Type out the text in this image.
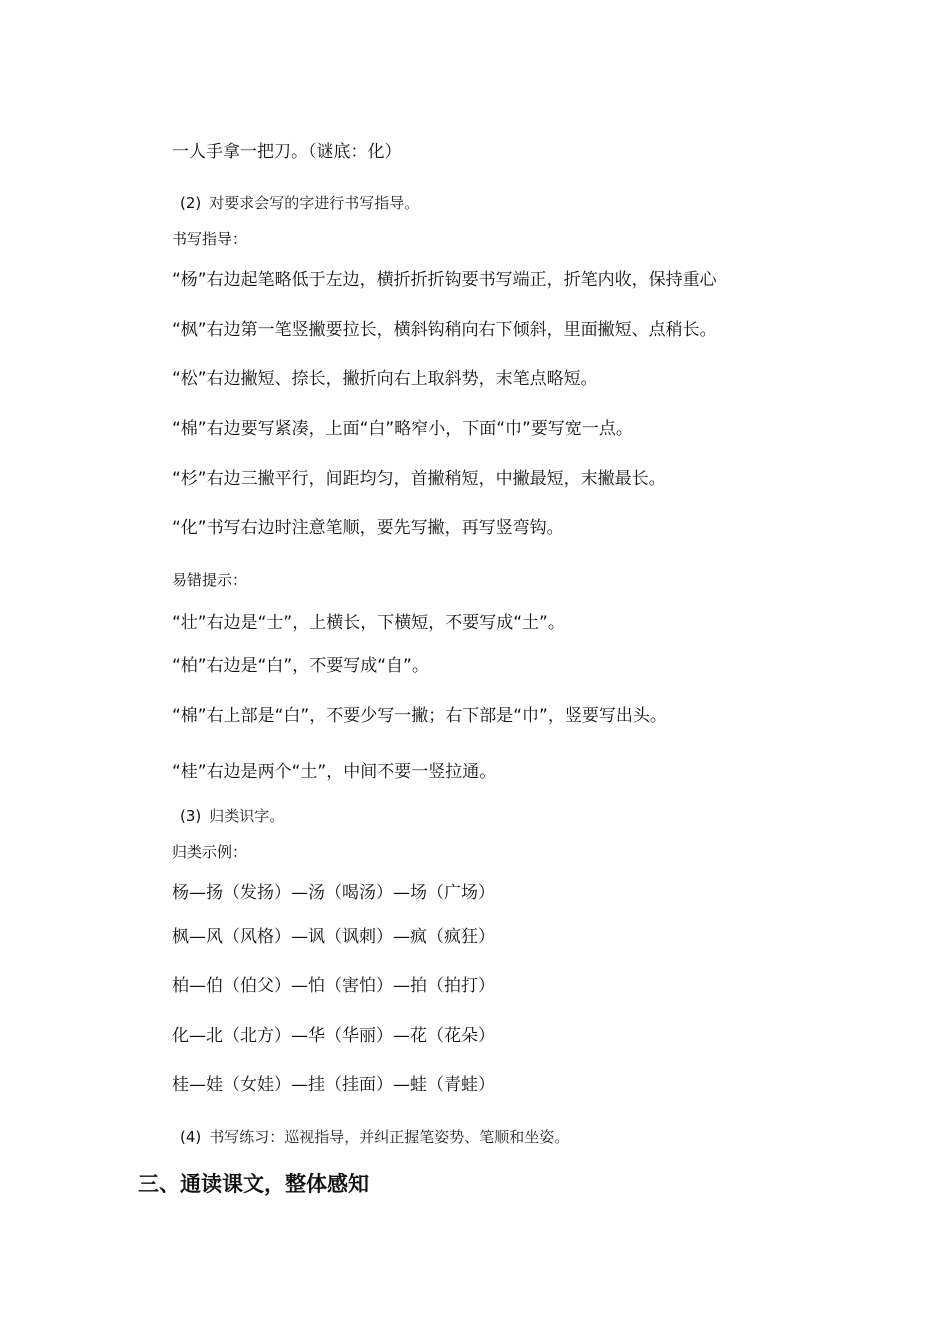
一人手拿一把刀。（谜底：化）
(2) 对要求会写的字进行书写指导。
书写指导：
“杨”右边起笔略低于左边，横折折折钩要书写端正，折笔内收，保持重心
“枫”右边第一笔竖撇要拉长，横斜钩稍向右下倾斜，里面撇短、点稍长。
“松”右边撇短、捺长，撇折向右上取斜势，末笔点略短。
“棉”右边要写紧凑，上面“白”略窄小，下面“巾”要写宽一点。
“杉”右边三撇平行，间距均匀，首撇稍短，中撇最短，末撇最长。
“化”书写右边时注意笔顺，要先写撇，再写竖弯钩。
易错提示：
“壮”右边是“士”，上横长，下横短，不要写成“土”。
“柏”右边是“白”，不要写成“自”。
“棉”右上部是“白”，不要少写一撇；右下部是“巾”，竖要写出头。
“桂”右边是两个“土”，中间不要一竖拉通。
(3) 归类识字。
归类示例：
杨—扬（发扬）—汤（喝汤）—场（广场）
枫—风（风格）—讽（讽刺）—疯（疯狂）
柏—伯（伯父）—怕（害怕）—拍（拍打）
化—北（北方）—华（华丽）—花（花朵）
桂—娃（女娃）—挂（挂面）—蛙（青蛙）
(4) 书写练习：巡视指导，并纠正握笔姿势、笔顺和坐姿。
三、通读课文，整体感知
